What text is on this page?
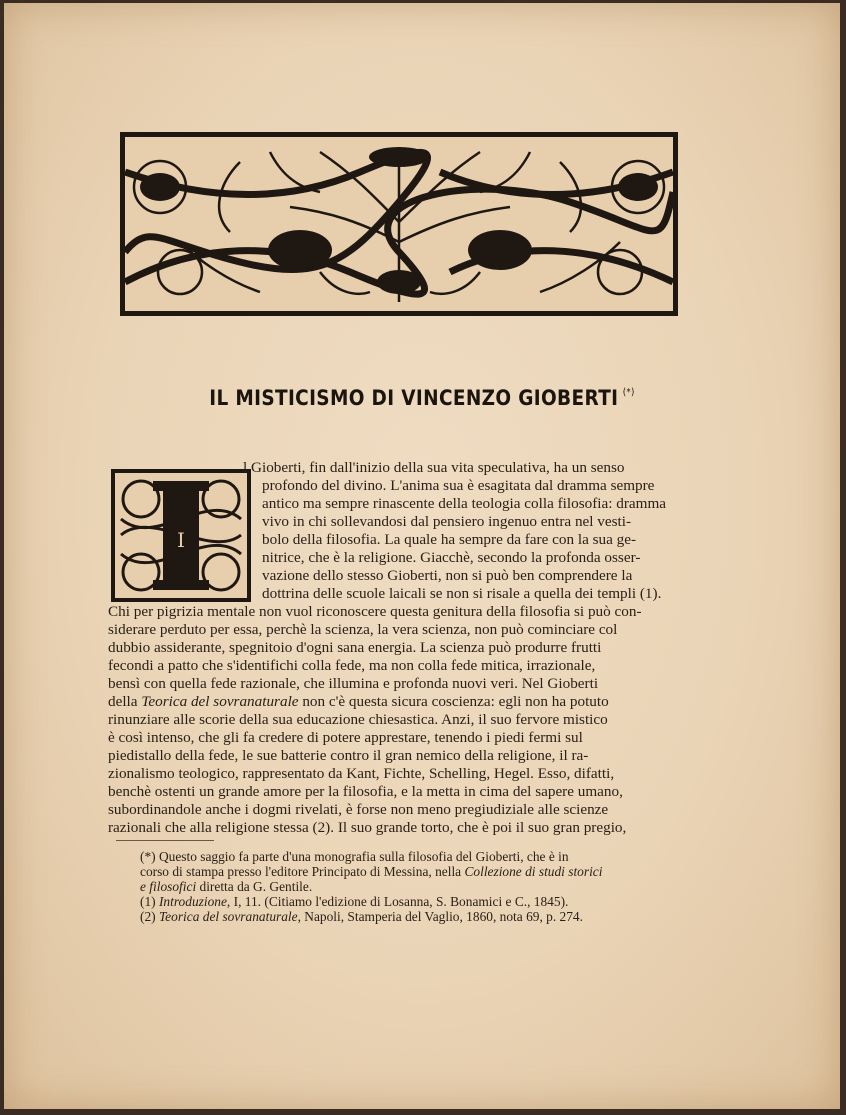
IL MISTICISMO DI VINCENZO GIOBERTI (*)
I
l Gioberti, fin dall'inizio della sua vita speculativa, ha un senso
profondo del divino. L'anima sua è esagitata dal dramma sempre
antico ma sempre rinascente della teologia colla filosofia: dramma
vivo in chi sollevandosi dal pensiero ingenuo entra nel vesti-
bolo della filosofia. La quale ha sempre da fare con la sua ge-
nitrice, che è la religione. Giacchè, secondo la profonda osser-
vazione dello stesso Gioberti, non si può ben comprendere la
dottrina delle scuole laicali se non si risale a quella dei templi (1).
Chi per pigrizia mentale non vuol riconoscere questa genitura della filosofia si può con-
siderare perduto per essa, perchè la scienza, la vera scienza, non può cominciare col
dubbio assiderante, spegnitoio d'ogni sana energia. La scienza può produrre frutti
fecondi a patto che s'identifichi colla fede, ma non colla fede mitica, irrazionale,
bensì con quella fede razionale, che illumina e profonda nuovi veri. Nel Gioberti
della Teorica del sovranaturale non c'è questa sicura coscienza: egli non ha potuto
rinunziare alle scorie della sua educazione chiesastica. Anzi, il suo fervore mistico
è così intenso, che gli fa credere di potere apprestare, tenendo i piedi fermi sul
piedistallo della fede, le sue batterie contro il gran nemico della religione, il ra-
zionalismo teologico, rappresentato da Kant, Fichte, Schelling, Hegel. Esso, difatti,
benchè ostenti un grande amore per la filosofia, e la metta in cima del sapere umano,
subordinandole anche i dogmi rivelati, è forse non meno pregiudiziale alle scienze
razionali che alla religione stessa (2). Il suo grande torto, che è poi il suo gran pregio,
(*) Questo saggio fa parte d'una monografia sulla filosofia del Gioberti, che è in
corso di stampa presso l'editore Principato di Messina, nella Collezione di studi storici
e filosofici diretta da G. Gentile.
(1) Introduzione, I, 11. (Citiamo l'edizione di Losanna, S. Bonamici e C., 1845).
(2) Teorica del sovranaturale, Napoli, Stamperia del Vaglio, 1860, nota 69, p. 274.
